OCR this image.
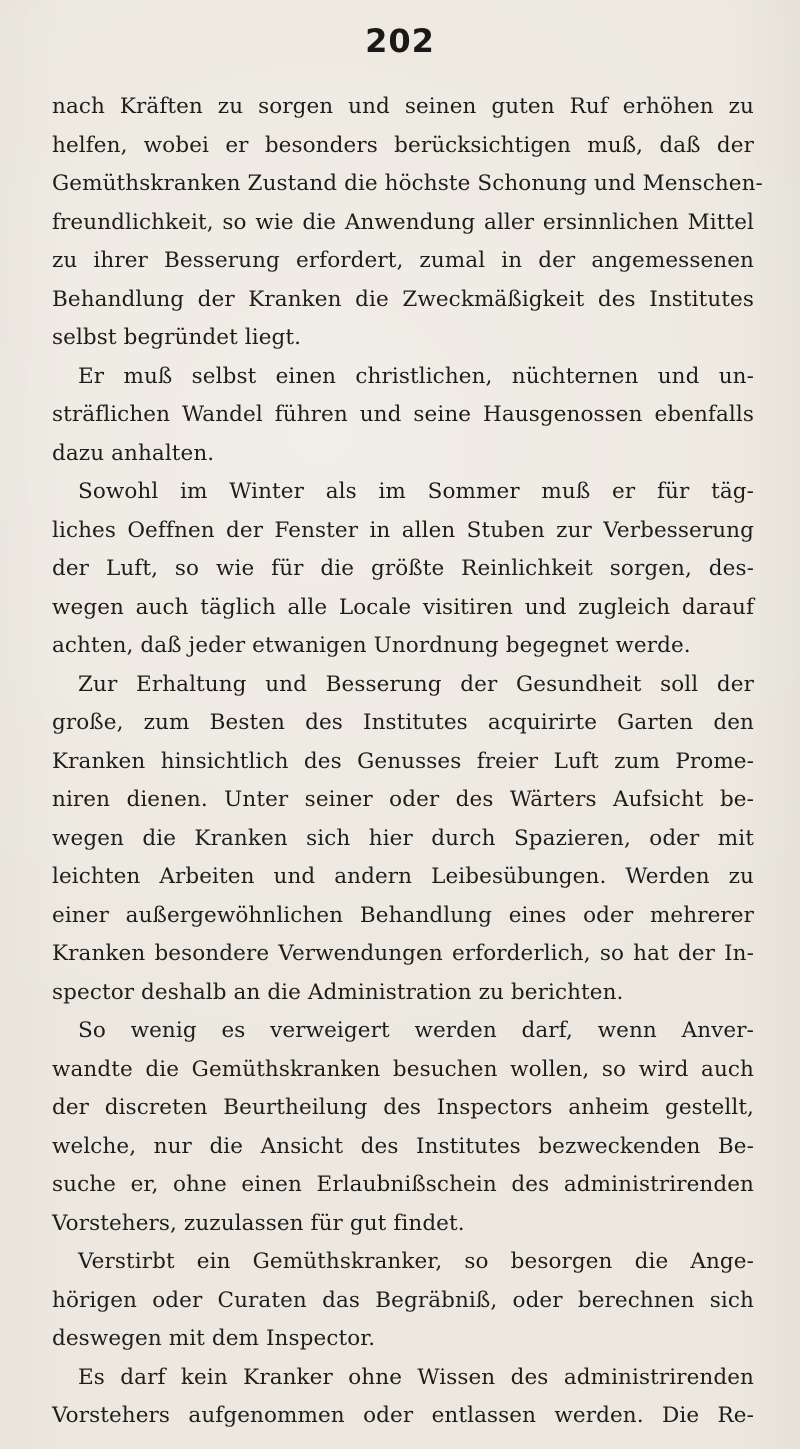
202
nach Kräften zu sorgen und seinen guten Ruf erhöhen zu
helfen, wobei er besonders berücksichtigen muß, daß der
Gemüthskranken Zustand die höchste Schonung und Menschen-
freundlichkeit, so wie die Anwendung aller ersinnlichen Mittel
zu ihrer Besserung erfordert, zumal in der angemessenen
Behandlung der Kranken die Zweckmäßigkeit des Institutes
selbst begründet liegt.
Er muß selbst einen christlichen, nüchternen und un-
sträflichen Wandel führen und seine Hausgenossen ebenfalls
dazu anhalten.
Sowohl im Winter als im Sommer muß er für täg-
liches Oeffnen der Fenster in allen Stuben zur Verbesserung
der Luft, so wie für die größte Reinlichkeit sorgen, des-
wegen auch täglich alle Locale visitiren und zugleich darauf
achten, daß jeder etwanigen Unordnung begegnet werde.
Zur Erhaltung und Besserung der Gesundheit soll der
große, zum Besten des Institutes acquirirte Garten den
Kranken hinsichtlich des Genusses freier Luft zum Prome-
niren dienen. Unter seiner oder des Wärters Aufsicht be-
wegen die Kranken sich hier durch Spazieren, oder mit
leichten Arbeiten und andern Leibesübungen. Werden zu
einer außergewöhnlichen Behandlung eines oder mehrerer
Kranken besondere Verwendungen erforderlich, so hat der In-
spector deshalb an die Administration zu berichten.
So wenig es verweigert werden darf, wenn Anver-
wandte die Gemüthskranken besuchen wollen, so wird auch
der discreten Beurtheilung des Inspectors anheim gestellt,
welche, nur die Ansicht des Institutes bezweckenden Be-
suche er, ohne einen Erlaubnißschein des administrirenden
Vorstehers, zuzulassen für gut findet.
Verstirbt ein Gemüthskranker, so besorgen die Ange-
hörigen oder Curaten das Begräbniß, oder berechnen sich
deswegen mit dem Inspector.
Es darf kein Kranker ohne Wissen des administrirenden
Vorstehers aufgenommen oder entlassen werden. Die Re-
